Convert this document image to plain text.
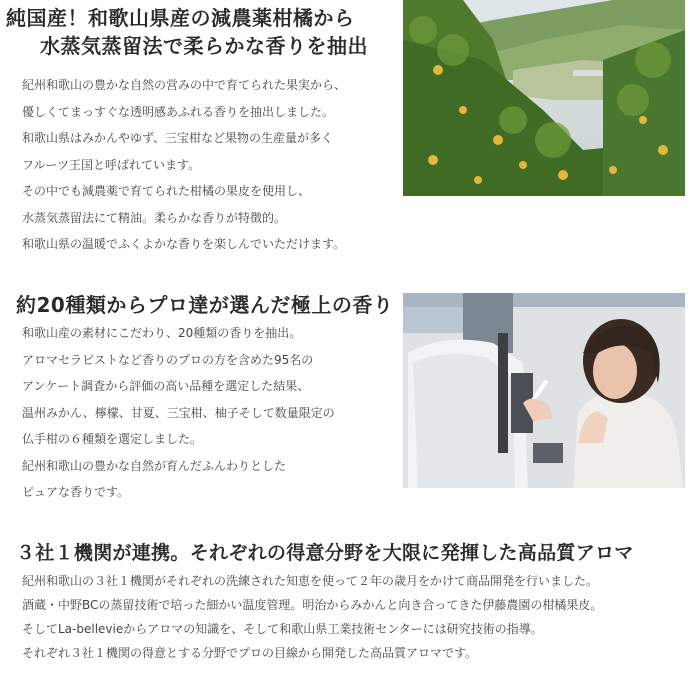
純国産！和歌山県産の減農薬柑橘から
水蒸気蒸留法で柔らかな香りを抽出
紀州和歌山の豊かな自然の営みの中で育てられた果実から、
優しくてまっすぐな透明感あふれる香りを抽出しました。
和歌山県はみかんやゆず、三宝柑など果物の生産量が多く
フルーツ王国と呼ばれています。
その中でも減農薬で育てられた柑橘の果皮を使用し、
水蒸気蒸留法にて精油。柔らかな香りが特徴的。
和歌山県の温暖でふくよかな香りを楽しんでいただけます。
約20種類からプロ達が選んだ極上の香り
和歌山産の素材にこだわり、20種類の香りを抽出。
アロマセラピストなど香りのプロの方を含めた95名の
アンケート調査から評価の高い品種を選定した結果、
温州みかん、檸檬、甘夏、三宝柑、柚子そして数量限定の
仏手柑の６種類を選定しました。
紀州和歌山の豊かな自然が育んだふんわりとした
ピュアな香りです。
３社１機関が連携。それぞれの得意分野を大限に発揮した高品質アロマ
紀州和歌山の３社１機関がそれぞれの洗練された知恵を使って２年の歳月をかけて商品開発を行いました。
酒蔵・中野BCの蒸留技術で培った細かい温度管理。明治からみかんと向き合ってきた伊藤農園の柑橘果皮。
そしてLa-bellevieからアロマの知識を、そして和歌山県工業技術センターには研究技術の指導。
それぞれ３社１機関の得意とする分野でプロの目線から開発した高品質アロマです。
